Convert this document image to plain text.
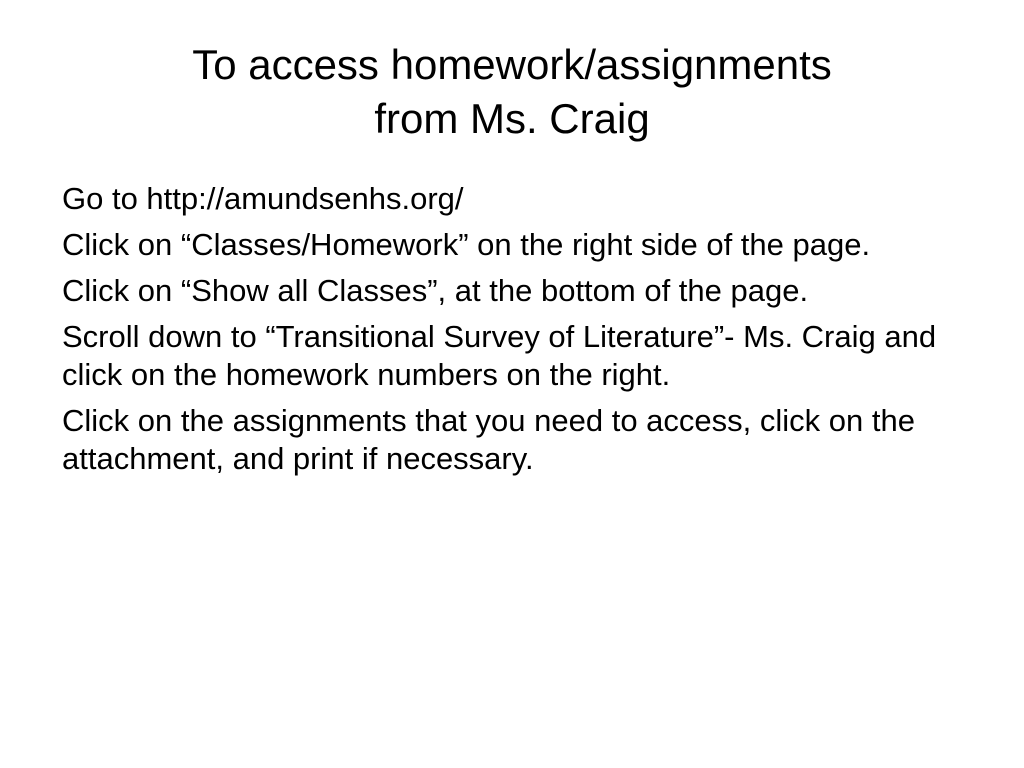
To access homework/assignments
from Ms. Craig
Go to http://amundsenhs.org/
Click on “Classes/Homework” on the right side of the page.
Click on “Show all Classes”, at the bottom of the page.
Scroll down to “Transitional Survey of Literature”- Ms. Craig and click on the homework numbers on the right.
Click on the assignments that you need to access, click on the attachment, and print if necessary.
